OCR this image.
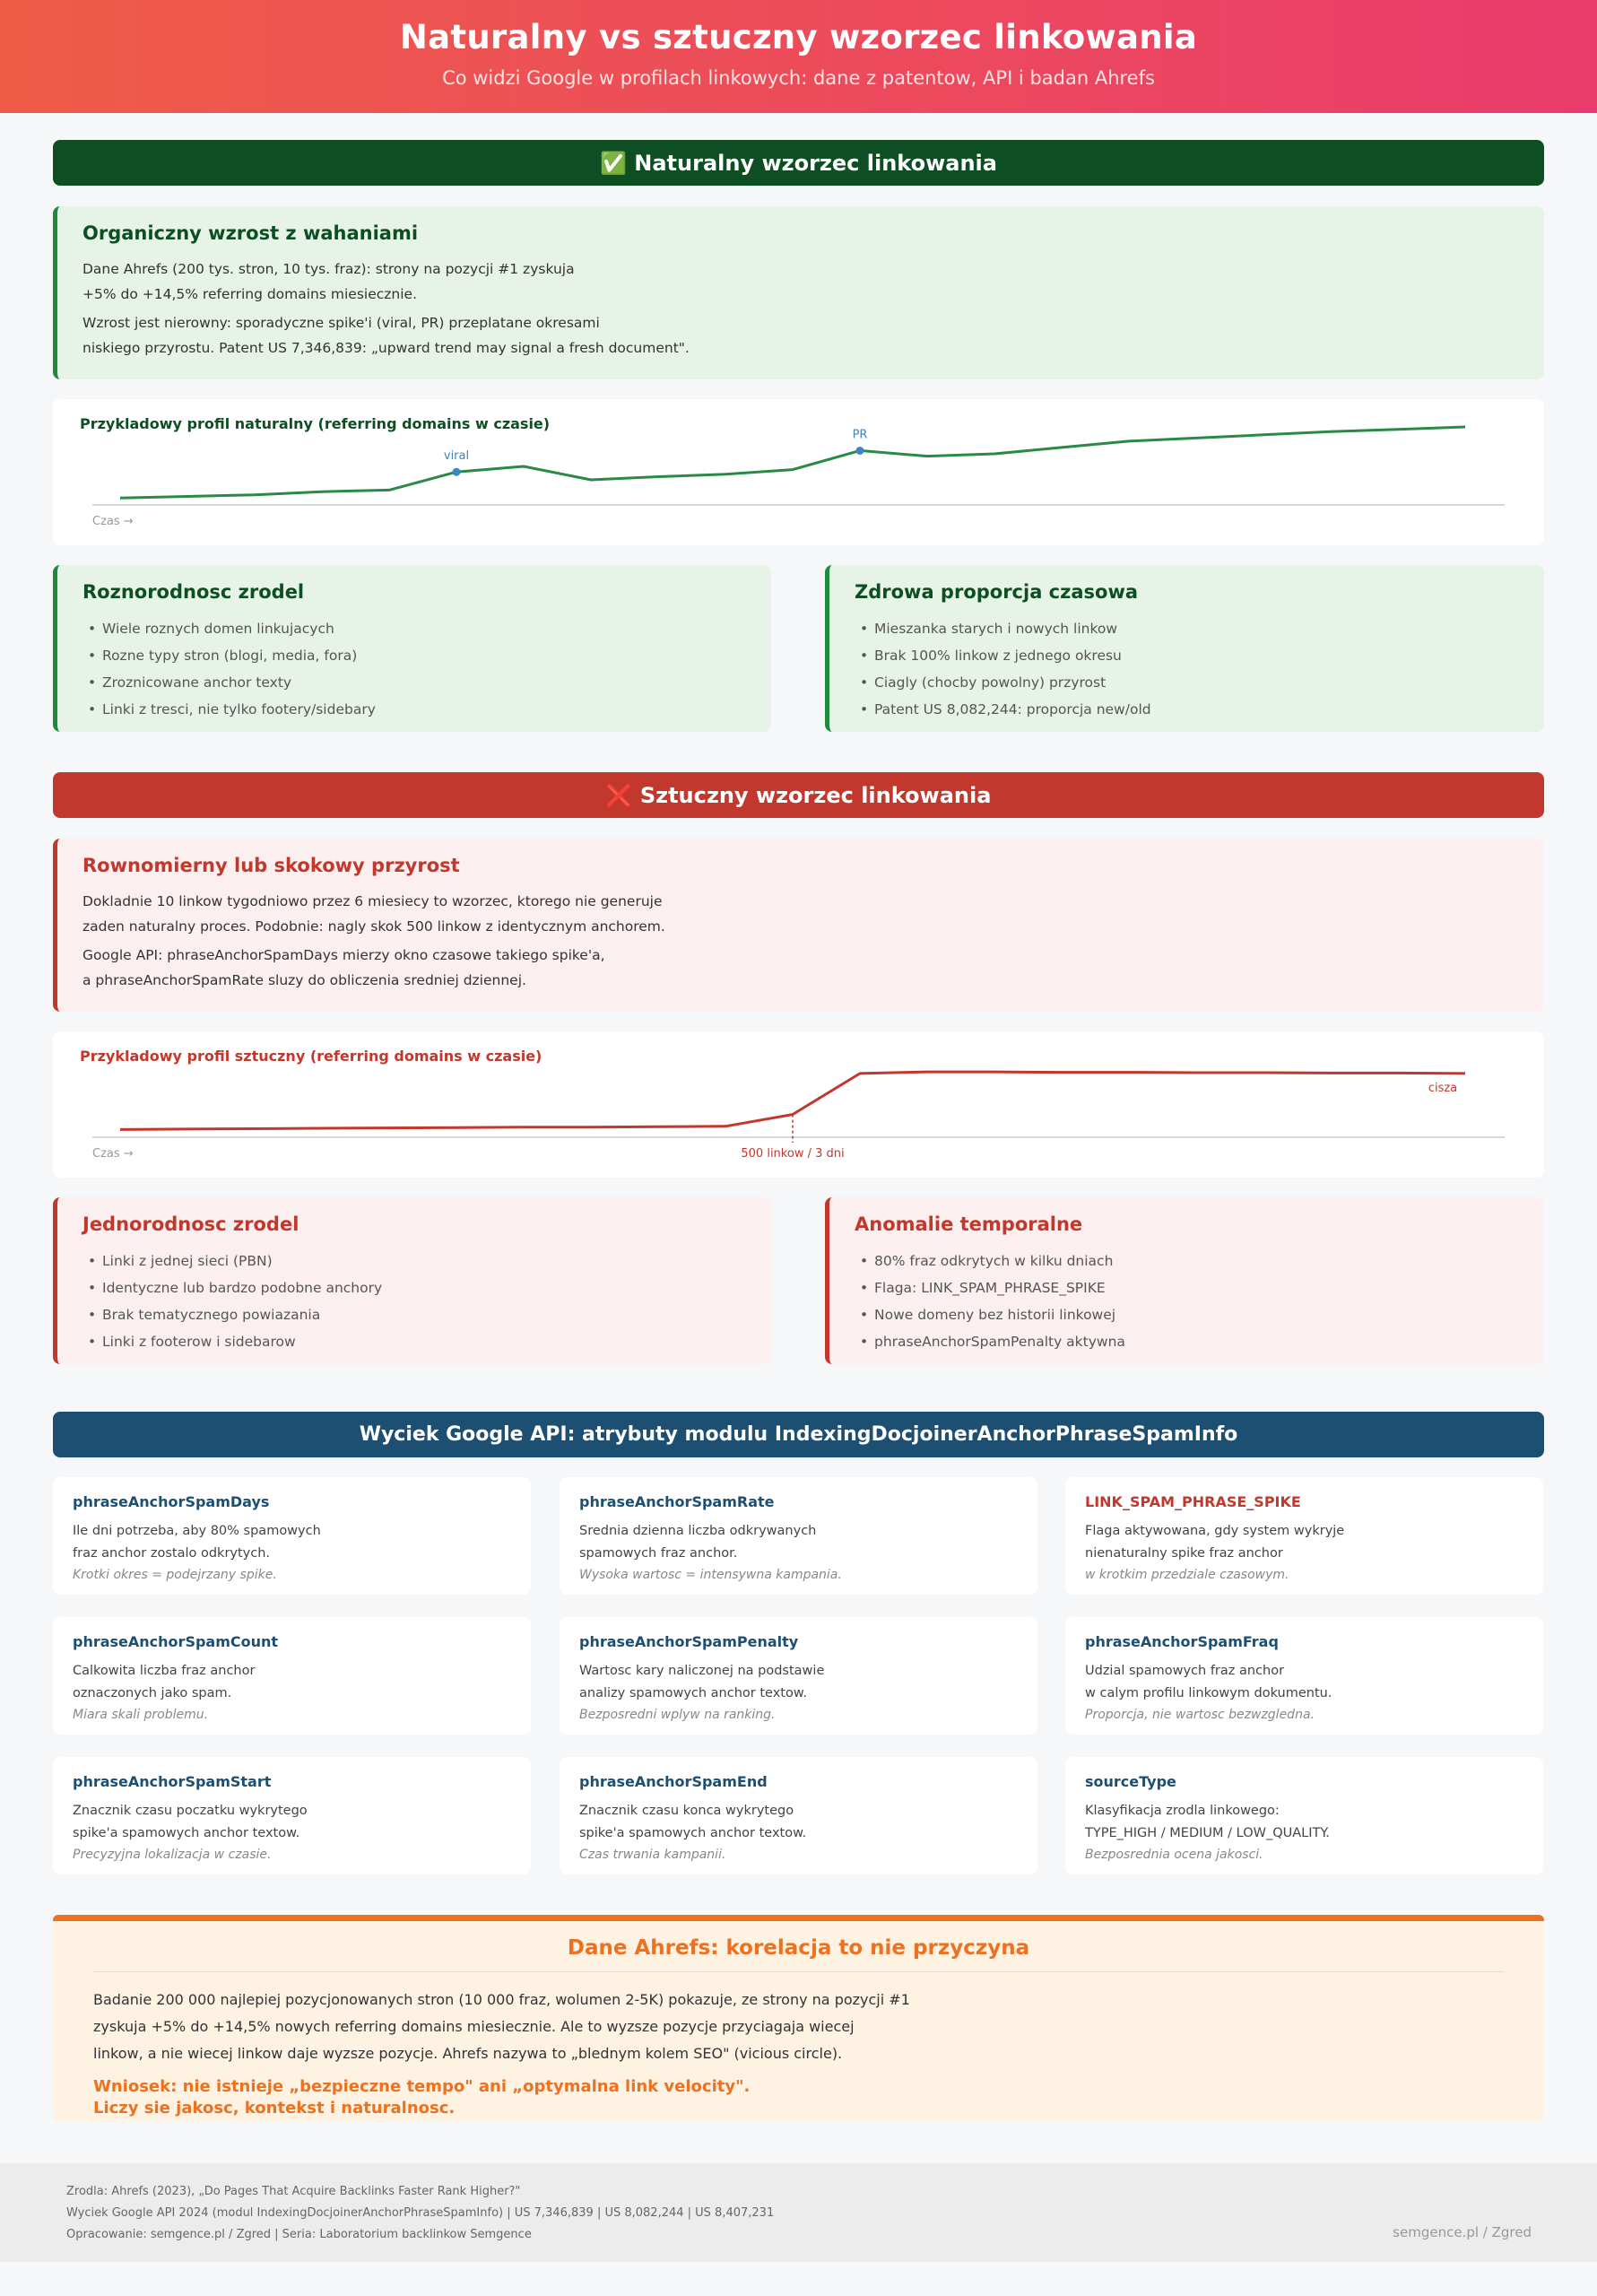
Naturalny vs sztuczny wzorzec linkowania
Co widzi Google w profilach linkowych: dane z patentow, API i badan Ahrefs
✅ Naturalny wzorzec linkowania
Organiczny wzrost z wahaniami

Dane Ahrefs (200 tys. stron, 10 tys. fraz): strony na pozycji #1 zyskuja
+5% do +14,5% referring domains miesiecznie.

Wzrost jest nierowny: sporadyczne spike'i (viral, PR) przeplatane okresami
niskiego przyrostu. Patent US 7,346,839: „upward trend may signal a fresh document".

Czas →
viral
PR
Przykladowy profil naturalny (referring domains w czasie)
Roznorodnosc zrodel
• Wiele roznych domen linkujacych
• Rozne typy stron (blogi, media, fora)
• Zroznicowane anchor texty
• Linki z tresci, nie tylko footery/sidebary
Zdrowa proporcja czasowa
• Mieszanka starych i nowych linkow
• Brak 100% linkow z jednego okresu
• Ciagly (chocby powolny) przyrost
• Patent US 8,082,244: proporcja new/old
❌ Sztuczny wzorzec linkowania
Rownomierny lub skokowy przyrost

Dokladnie 10 linkow tygodniowo przez 6 miesiecy to wzorzec, ktorego nie generuje
zaden naturalny proces. Podobnie: nagly skok 500 linkow z identycznym anchorem.

Google API: phraseAnchorSpamDays mierzy okno czasowe takiego spike'a,
a phraseAnchorSpamRate sluzy do obliczenia sredniej dziennej.

Czas →	500 linkow / 3 dni
cisza
Przykladowy profil sztuczny (referring domains w czasie)
Jednorodnosc zrodel
• Linki z jednej sieci (PBN)
• Identyczne lub bardzo podobne anchory
• Brak tematycznego powiazania
• Linki z footerow i sidebarow
Anomalie temporalne
• 80% fraz odkrytych w kilku dniach
• Flaga: LINK_SPAM_PHRASE_SPIKE
• Nowe domeny bez historii linkowej
• phraseAnchorSpamPenalty aktywna
Wyciek Google API: atrybuty modulu IndexingDocjoinerAnchorPhraseSpamInfo
phraseAnchorSpamDays
Ile dni potrzeba, aby 80% spamowych
fraz anchor zostalo odkrytych.
Krotki okres = podejrzany spike.
phraseAnchorSpamRate
Srednia dzienna liczba odkrywanych
spamowych fraz anchor.
Wysoka wartosc = intensywna kampania.
LINK_SPAM_PHRASE_SPIKE
Flaga aktywowana, gdy system wykryje
nienaturalny spike fraz anchor
w krotkim przedziale czasowym.
phraseAnchorSpamCount
Calkowita liczba fraz anchor
oznaczonych jako spam.
Miara skali problemu.
phraseAnchorSpamPenalty
Wartosc kary naliczonej na podstawie
analizy spamowych anchor textow.
Bezposredni wplyw na ranking.
phraseAnchorSpamFraq
Udzial spamowych fraz anchor
w calym profilu linkowym dokumentu.
Proporcja, nie wartosc bezwzgledna.
phraseAnchorSpamStart
Znacznik czasu poczatku wykrytego
spike'a spamowych anchor textow.
Precyzyjna lokalizacja w czasie.
phraseAnchorSpamEnd
Znacznik czasu konca wykrytego
spike'a spamowych anchor textow.
Czas trwania kampanii.
sourceType
Klasyfikacja zrodla linkowego:
TYPE_HIGH / MEDIUM / LOW_QUALITY.
Bezposrednia ocena jakosci.
Dane Ahrefs: korelacja to nie przyczyna
Badanie 200 000 najlepiej pozycjonowanych stron (10 000 fraz, wolumen 2-5K) pokazuje, ze strony na pozycji #1
zyskuja +5% do +14,5% nowych referring domains miesiecznie. Ale to wyzsze pozycje przyciagaja wiecej
linkow, a nie wiecej linkow daje wyzsze pozycje. Ahrefs nazywa to „blednym kolem SEO" (vicious circle).
Wniosek: nie istnieje „bezpieczne tempo" ani „optymalna link velocity".
Liczy sie jakosc, kontekst i naturalnosc.
Zrodla: Ahrefs (2023), „Do Pages That Acquire Backlinks Faster Rank Higher?"
Wyciek Google API 2024 (modul IndexingDocjoinerAnchorPhraseSpamInfo) | US 7,346,839 | US 8,082,244 | US 8,407,231
Opracowanie: semgence.pl / Zgred | Seria: Laboratorium backlinkow Semgence	semgence.pl / Zgred
